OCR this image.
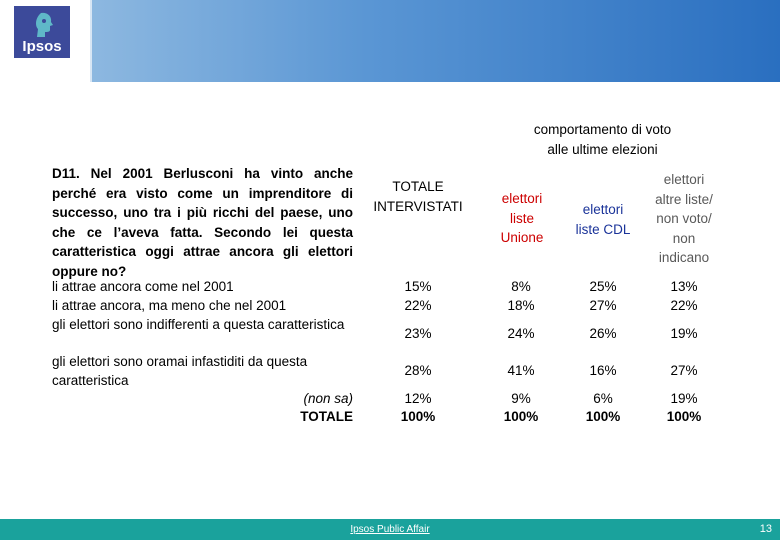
Ipsos
comportamento di voto
alle ultime elezioni
D11. Nel 2001 Berlusconi ha vinto anche perché era visto come un imprenditore di successo, uno tra i più ricchi del paese, uno che ce l’aveva fatta. Secondo lei questa caratteristica oggi attrae ancora gli elettori oppure no?
TOTALE
INTERVISTATI	elettori
liste
Unione
elettori
liste CDL
elettori
altre liste/
non voto/
non
indicano
li attrae ancora come nel 2001
li attrae ancora, ma meno che nel 2001
gli elettori sono indifferenti a questa caratteristica
gli elettori sono oramai infastiditi da questa caratteristica
(non sa)
TOTALE
15%
22%
23%
28%
12%
100%
8%
18%
24%
41%
9%
100%
25%
27%
26%
16%
6%
100%
13%
22%
19%
27%
19%
100%
Ipsos Public Affair	13
